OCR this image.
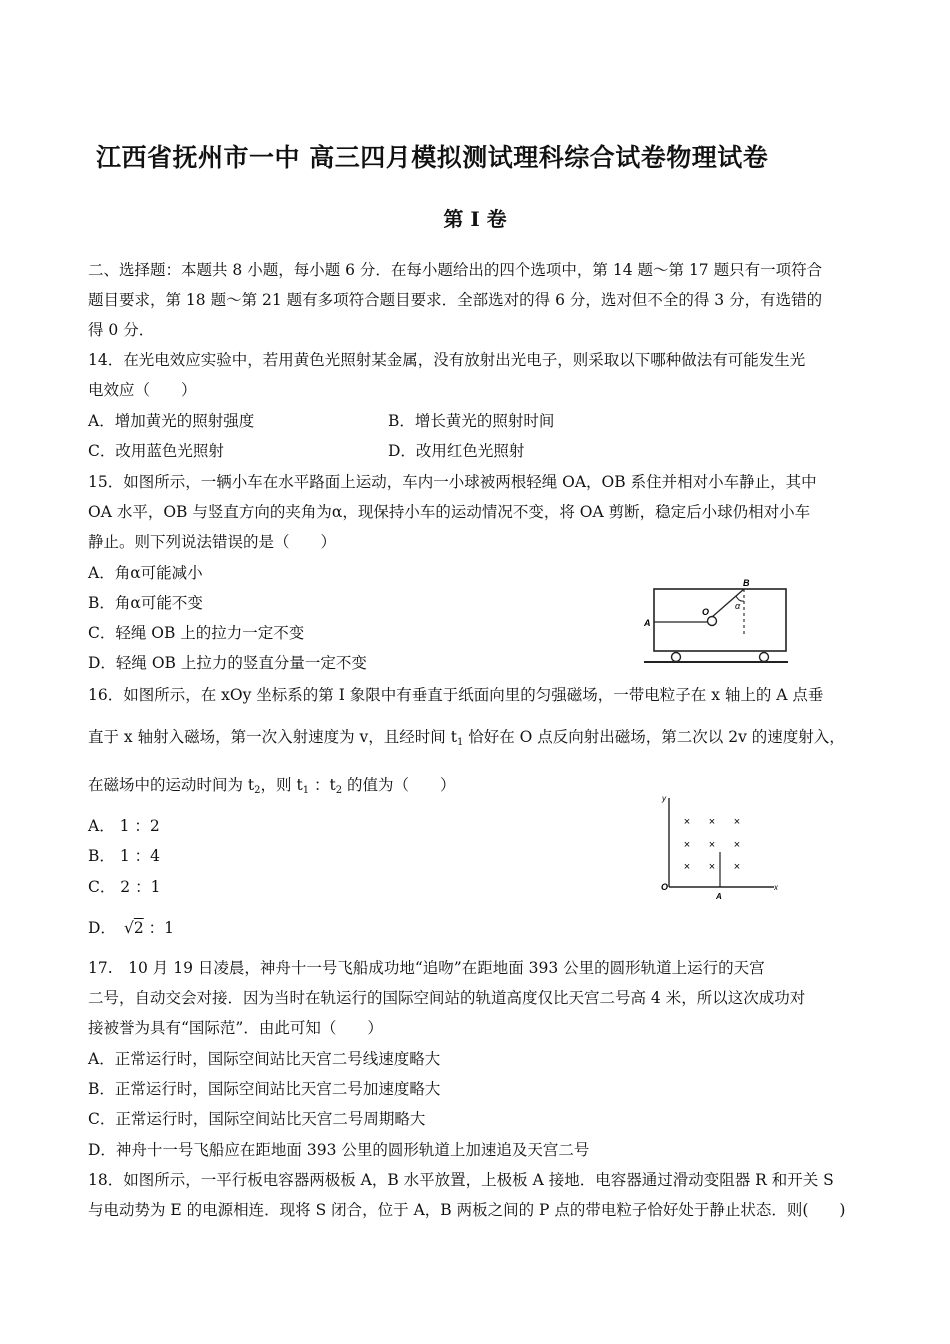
江西省抚州市一中 高三四月模拟测试理科综合试卷物理试卷
第 I 卷
二、选择题：本题共 8 小题，每小题 6 分．在每小题给出的四个选项中，第 14 题～第 17 题只有一项符合
题目要求，第 18 题～第 21 题有多项符合题目要求．全部选对的得 6 分，选对但不全的得 3 分，有选错的
得 0 分．
14．在光电效应实验中，若用黄色光照射某金属，没有放射出光电子，则采取以下哪种做法有可能发生光
电效应（　　）
A．增加黄光的照射强度	B．增长黄光的照射时间
C．改用蓝色光照射	D．改用红色光照射
15．如图所示，一辆小车在水平路面上运动，车内一小球被两根轻绳 OA，OB 系住并相对小车静止，其中
OA 水平，OB 与竖直方向的夹角为α，现保持小车的运动情况不变，将 OA 剪断，稳定后小球仍相对小车
静止。则下列说法错误的是（　　）
A．角α可能减小
B．角α可能不变
C．轻绳 OB 上的拉力一定不变
D．轻绳 OB 上拉力的竖直分量一定不变
A
B
O
α
16．如图所示，在 xOy 坐标系的第 I 象限中有垂直于纸面向里的匀强磁场，一带电粒子在 x 轴上的 A 点垂
直于 x 轴射入磁场，第一次入射速度为 v，且经时间 $t_1$ 恰好在 O 点反向射出磁场，第二次以 2v 的速度射入，
在磁场中的运动时间为 $t_2$，则 $t_1$ ：$t_2$ 的值为（　　）
A． 1 ：2
B． 1 ：4
C． 2 ：1
D． √2 ：1
y
x
O
A
× × ×
× × ×
× × ×
17.　10 月 19 日凌晨，神舟十一号飞船成功地“追吻”在距地面 393 公里的圆形轨道上运行的天宫
二号，自动交会对接．因为当时在轨运行的国际空间站的轨道高度仅比天宫二号高 4 米，所以这次成功对
接被誉为具有“国际范”．由此可知（　　）
A．正常运行时，国际空间站比天宫二号线速度略大
B．正常运行时，国际空间站比天宫二号加速度略大
C．正常运行时，国际空间站比天宫二号周期略大
D．神舟十一号飞船应在距地面 393 公里的圆形轨道上加速追及天宫二号
18．如图所示，一平行板电容器两极板 A，B 水平放置，上极板 A 接地．电容器通过滑动变阻器 R 和开关 S
与电动势为 E 的电源相连．现将 S 闭合，位于 A，B 两板之间的 P 点的带电粒子恰好处于静止状态．则(　　)
